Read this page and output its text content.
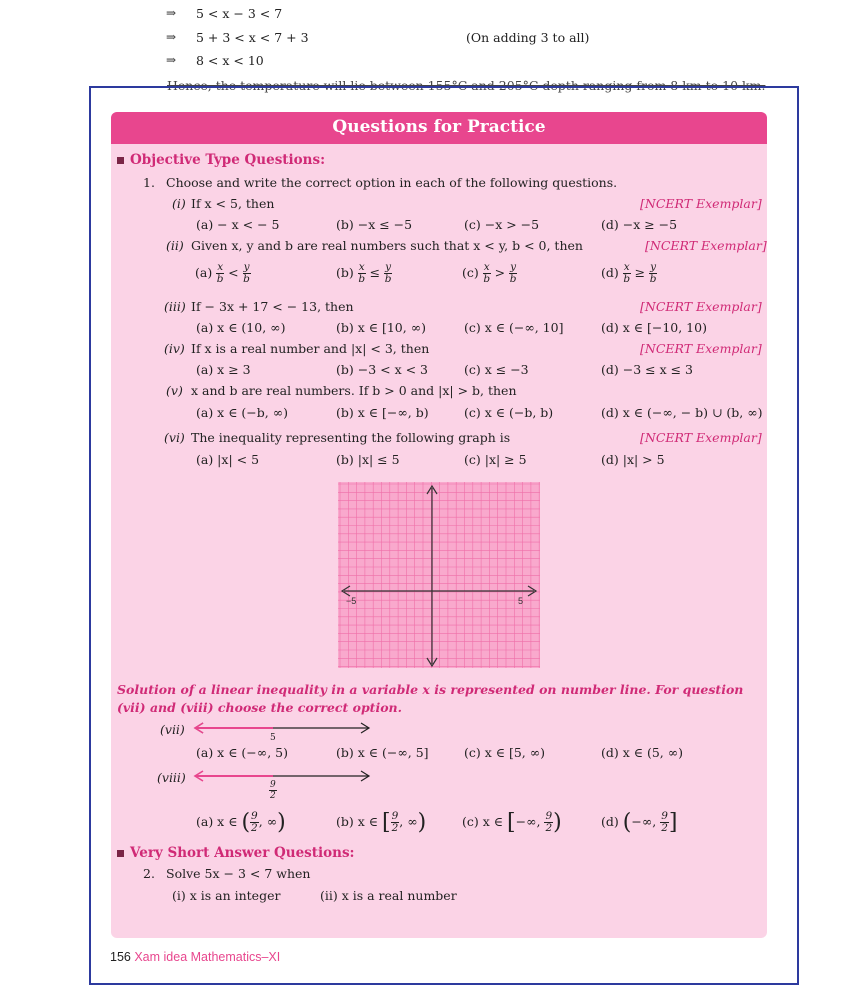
⇒ 5 < x − 3 < 7
⇒ 5 + 3 < x < 7 + 3	(On adding 3 to all)
⇒ 8 < x < 10
Hence, the temperature will lie between 155°C and 205°C depth ranging from 8 km to 10 km.
Questions for Practice
Objective Type Questions:
1. Choose and write the correct option in each of the following questions.
(i) If x < 5, then	[NCERT Exemplar]
(a) − x < − 5	(b) −x ≤ −5	(c) −x > −5	(d) −x ≥ −5
(ii) Given x, y and b are real numbers such that x < y, b < 0, then	[NCERT Exemplar]
$(a) \frac{x}{b} < \frac{y}{b}$	$(b) \frac{x}{b} \le \frac{y}{b}$	$(c) \frac{x}{b} > \frac{y}{b}$	$(d) \frac{x}{b} \ge \frac{y}{b}$
(iii) If − 3x + 17 < − 13, then	[NCERT Exemplar]
(a) x ∈ (10, ∞)	(b) x ∈ [10, ∞)	(c) x ∈ (−∞, 10]	(d) x ∈ [−10, 10)
(iv) If x is a real number and |x| < 3, then	[NCERT Exemplar]
(a) x ≥ 3	(b) −3 < x < 3	(c) x ≤ −3	(d) −3 ≤ x ≤ 3
(v) x and b are real numbers. If b > 0 and |x| > b, then
(a) x ∈ (−b, ∞)	(b) x ∈ [−∞, b)	(c) x ∈ (−b, b)	(d) x ∈ (−∞, − b) ∪ (b, ∞)
(vi) The inequality representing the following graph is	[NCERT Exemplar]
(a) |x| < 5	(b) |x| ≤ 5	(c) |x| ≥ 5	(d) |x| > 5
−5	5
Solution of a linear inequality in a variable x is represented on number line. For question (vii) and (viii) choose the correct option.
(vii)
5
(a) x ∈ (−∞, 5)	(b) x ∈ (−∞, 5]	(c) x ∈ [5, ∞)	(d) x ∈ (5, ∞)
(viii)
$\frac{9}{2}$
(a) x ∈ ( $\frac{9}{2}$ , ∞)	(b) x ∈ [ $\frac{9}{2}$ , ∞)	(c) x ∈ [−∞, $\frac{9}{2}$ )	(d) (−∞, $\frac{9}{2}$ ]
Very Short Answer Questions:
2. Solve 5x − 3 < 7 when
(i) x is an integer	(ii) x is a real number
156 Xam idea Mathematics–XI
